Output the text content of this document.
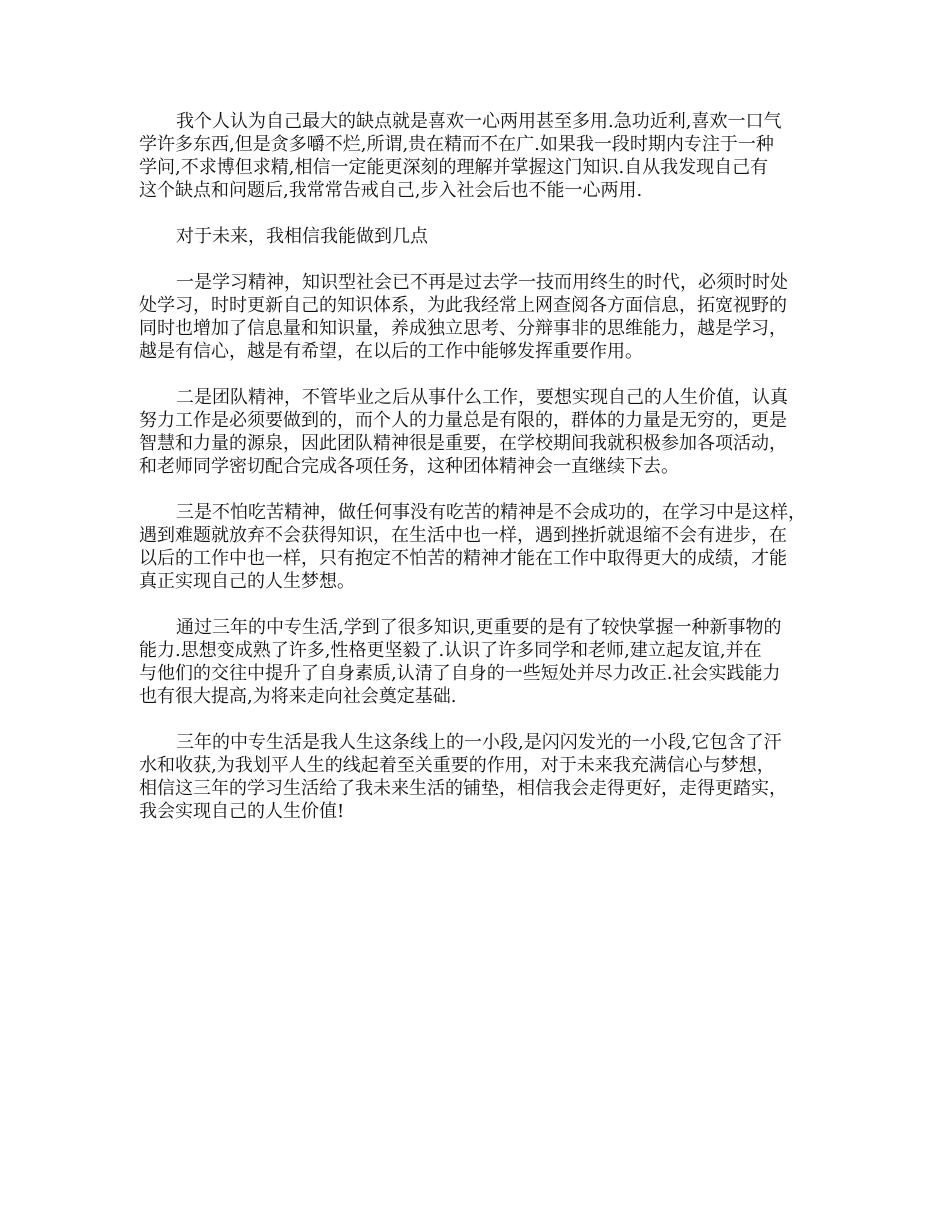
我个人认为自己最大的缺点就是喜欢一心两用甚至多用.急功近利,喜欢一口气
学许多东西,但是贪多嚼不烂,所谓,贵在精而不在广.如果我一段时期内专注于一种
学问,不求博但求精,相信一定能更深刻的理解并掌握这门知识.自从我发现自己有
这个缺点和问题后,我常常告戒自己,步入社会后也不能一心两用.

对于未来，我相信我能做到几点

一是学习精神，知识型社会已不再是过去学一技而用终生的时代，必须时时处
处学习，时时更新自己的知识体系，为此我经常上网查阅各方面信息，拓宽视野的
同时也增加了信息量和知识量，养成独立思考、分辩事非的思维能力，越是学习，
越是有信心，越是有希望，在以后的工作中能够发挥重要作用。

二是团队精神，不管毕业之后从事什么工作，要想实现自己的人生价值，认真
努力工作是必须要做到的，而个人的力量总是有限的，群体的力量是无穷的，更是
智慧和力量的源泉，因此团队精神很是重要，在学校期间我就积极参加各项活动，
和老师同学密切配合完成各项任务，这种团体精神会一直继续下去。

三是不怕吃苦精神，做任何事没有吃苦的精神是不会成功的，在学习中是这样，
遇到难题就放弃不会获得知识，在生活中也一样，遇到挫折就退缩不会有进步，在
以后的工作中也一样，只有抱定不怕苦的精神才能在工作中取得更大的成绩，才能
真正实现自己的人生梦想。

通过三年的中专生活,学到了很多知识,更重要的是有了较快掌握一种新事物的
能力.思想变成熟了许多,性格更坚毅了.认识了许多同学和老师,建立起友谊,并在
与他们的交往中提升了自身素质,认清了自身的一些短处并尽力改正.社会实践能力
也有很大提高,为将来走向社会奠定基础.

三年的中专生活是我人生这条线上的一小段,是闪闪发光的一小段,它包含了汗
水和收获,为我划平人生的线起着至关重要的作用，对于未来我充满信心与梦想，
相信这三年的学习生活给了我未来生活的铺垫，相信我会走得更好，走得更踏实，
我会实现自己的人生价值!
